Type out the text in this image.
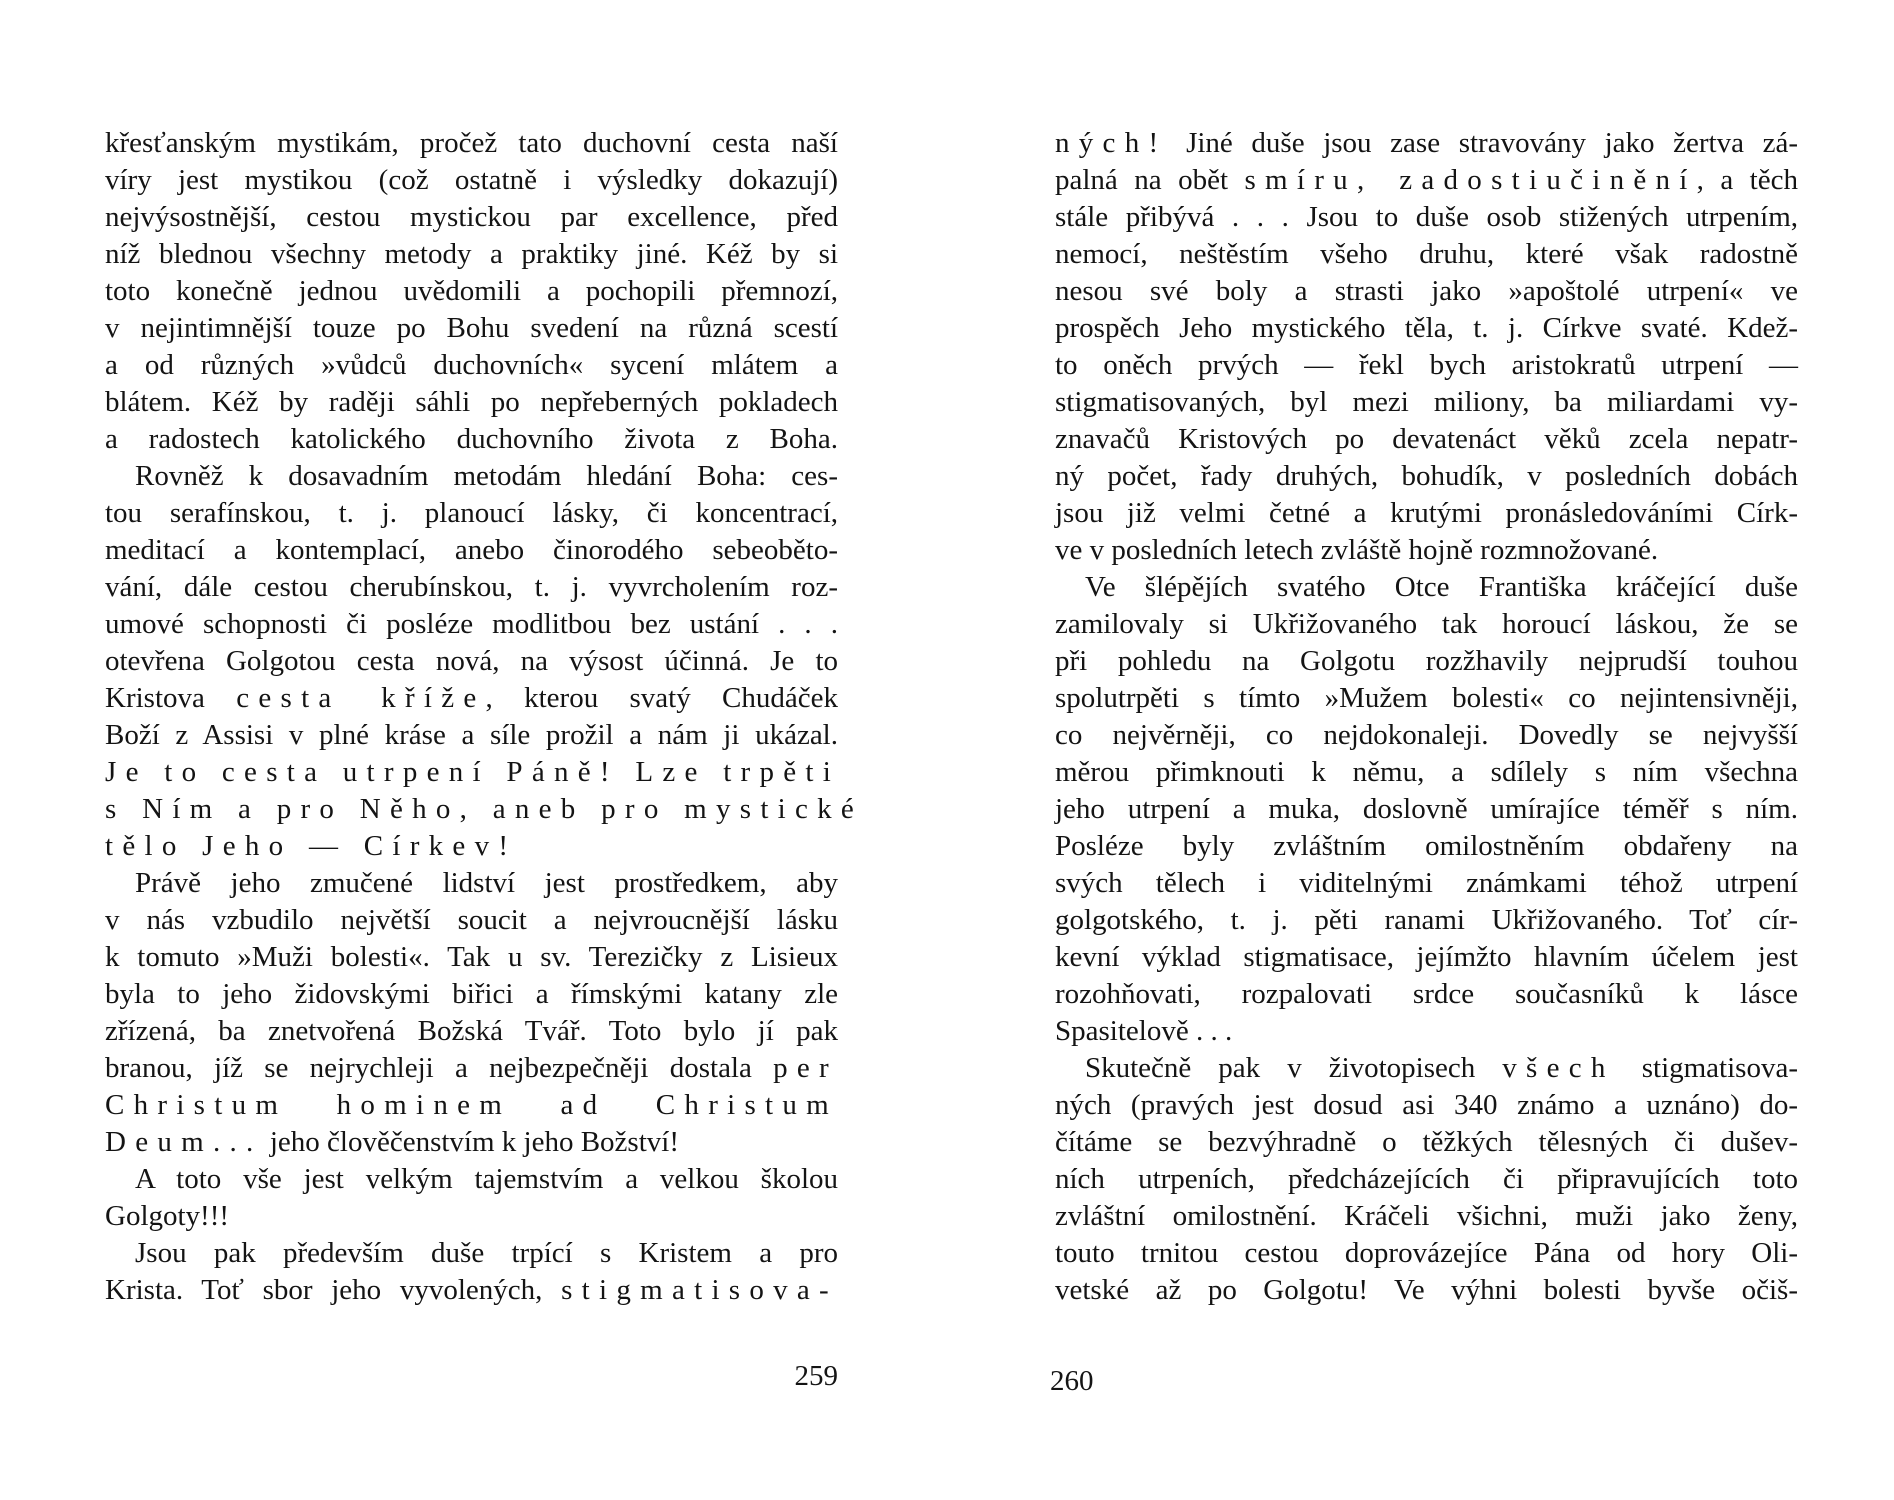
křesťanským mystikám, pročež tato duchovní cesta naší
víry jest mystikou (což ostatně i výsledky dokazují)
nejvýsostnější, cestou mystickou par excellence, před
níž blednou všechny metody a praktiky jiné. Kéž by si
toto konečně jednou uvědomili a pochopili přemnozí,
v nejintimnější touze po Bohu svedení na různá scestí
a od různých »vůdců duchovních« sycení mlátem a
blátem. Kéž by raději sáhli po nepřeberných pokladech
a radostech katolického duchovního života z Boha.
Rovněž k dosavadním metodám hledání Boha: ces-
tou serafínskou, t. j. planoucí lásky, či koncentrací,
meditací a kontemplací, anebo činorodého sebeoběto-
vání, dále cestou cherubínskou, t. j. vyvrcholením roz-
umové schopnosti či posléze modlitbou bez ustání . . .
otevřena Golgotou cesta nová, na výsost účinná. Je to
Kristova cesta kříže, kterou svatý Chudáček
Boží z Assisi v plné kráse a síle prožil a nám ji ukázal.
Je to cesta utrpení Páně! Lze trpěti
s Ním a pro Něho, aneb pro mystické
tělo Jeho — Církev!
Právě jeho zmučené lidství jest prostředkem, aby
v nás vzbudilo největší soucit a nejvroucnější lásku
k tomuto »Muži bolesti«. Tak u sv. Terezičky z Lisieux
byla to jeho židovskými biřici a římskými katany zle
zřízená, ba znetvořená Božská Tvář. Toto bylo jí pak
branou, jíž se nejrychleji a nejbezpečněji dostala per
Christum hominem ad Christum
Deum... jeho člověčenstvím k jeho Božství!
A toto vše jest velkým tajemstvím a velkou školou
Golgoty!!!
Jsou pak především duše trpící s Kristem a pro
Krista. Toť sbor jeho vyvolených, stigmatisova-
ných! Jiné duše jsou zase stravovány jako žertva zá-
palná na obět smíru, zadostiučinění, a těch
stále přibývá . . . Jsou to duše osob stižených utrpením,
nemocí, neštěstím všeho druhu, které však radostně
nesou své boly a strasti jako »apoštolé utrpení« ve
prospěch Jeho mystického těla, t. j. Církve svaté. Kdež-
to oněch prvých — řekl bych aristokratů utrpení —
stigmatisovaných, byl mezi miliony, ba miliardami vy-
znavačů Kristových po devatenáct věků zcela nepatr-
ný počet, řady druhých, bohudík, v posledních dobách
jsou již velmi četné a krutými pronásledováními Círk-
ve v posledních letech zvláště hojně rozmnožované.
Ve šlépějích svatého Otce Františka kráčející duše
zamilovaly si Ukřižovaného tak horoucí láskou, že se
při pohledu na Golgotu rozžhavily nejprudší touhou
spolutrpěti s tímto »Mužem bolesti« co nejintensivněji,
co nejvěrněji, co nejdokonaleji. Dovedly se nejvyšší
měrou přimknouti k němu, a sdílely s ním všechna
jeho utrpení a muka, doslovně umírajíce téměř s ním.
Posléze byly zvláštním omilostněním obdařeny na
svých tělech i viditelnými známkami téhož utrpení
golgotského, t. j. pěti ranami Ukřižovaného. Toť cír-
kevní výklad stigmatisace, jejímžto hlavním účelem jest
rozohňovati, rozpalovati srdce současníků k lásce
Spasitelově . . .
Skutečně pak v životopisech všech stigmatisova-
ných (pravých jest dosud asi 340 známo a uznáno) do-
čítáme se bezvýhradně o těžkých tělesných či dušev-
ních utrpeních, předcházejících či připravujících toto
zvláštní omilostnění. Kráčeli všichni, muži jako ženy,
touto trnitou cestou doprovázejíce Pána od hory Oli-
vetské až po Golgotu! Ve výhni bolesti byvše očiš-
259	260
